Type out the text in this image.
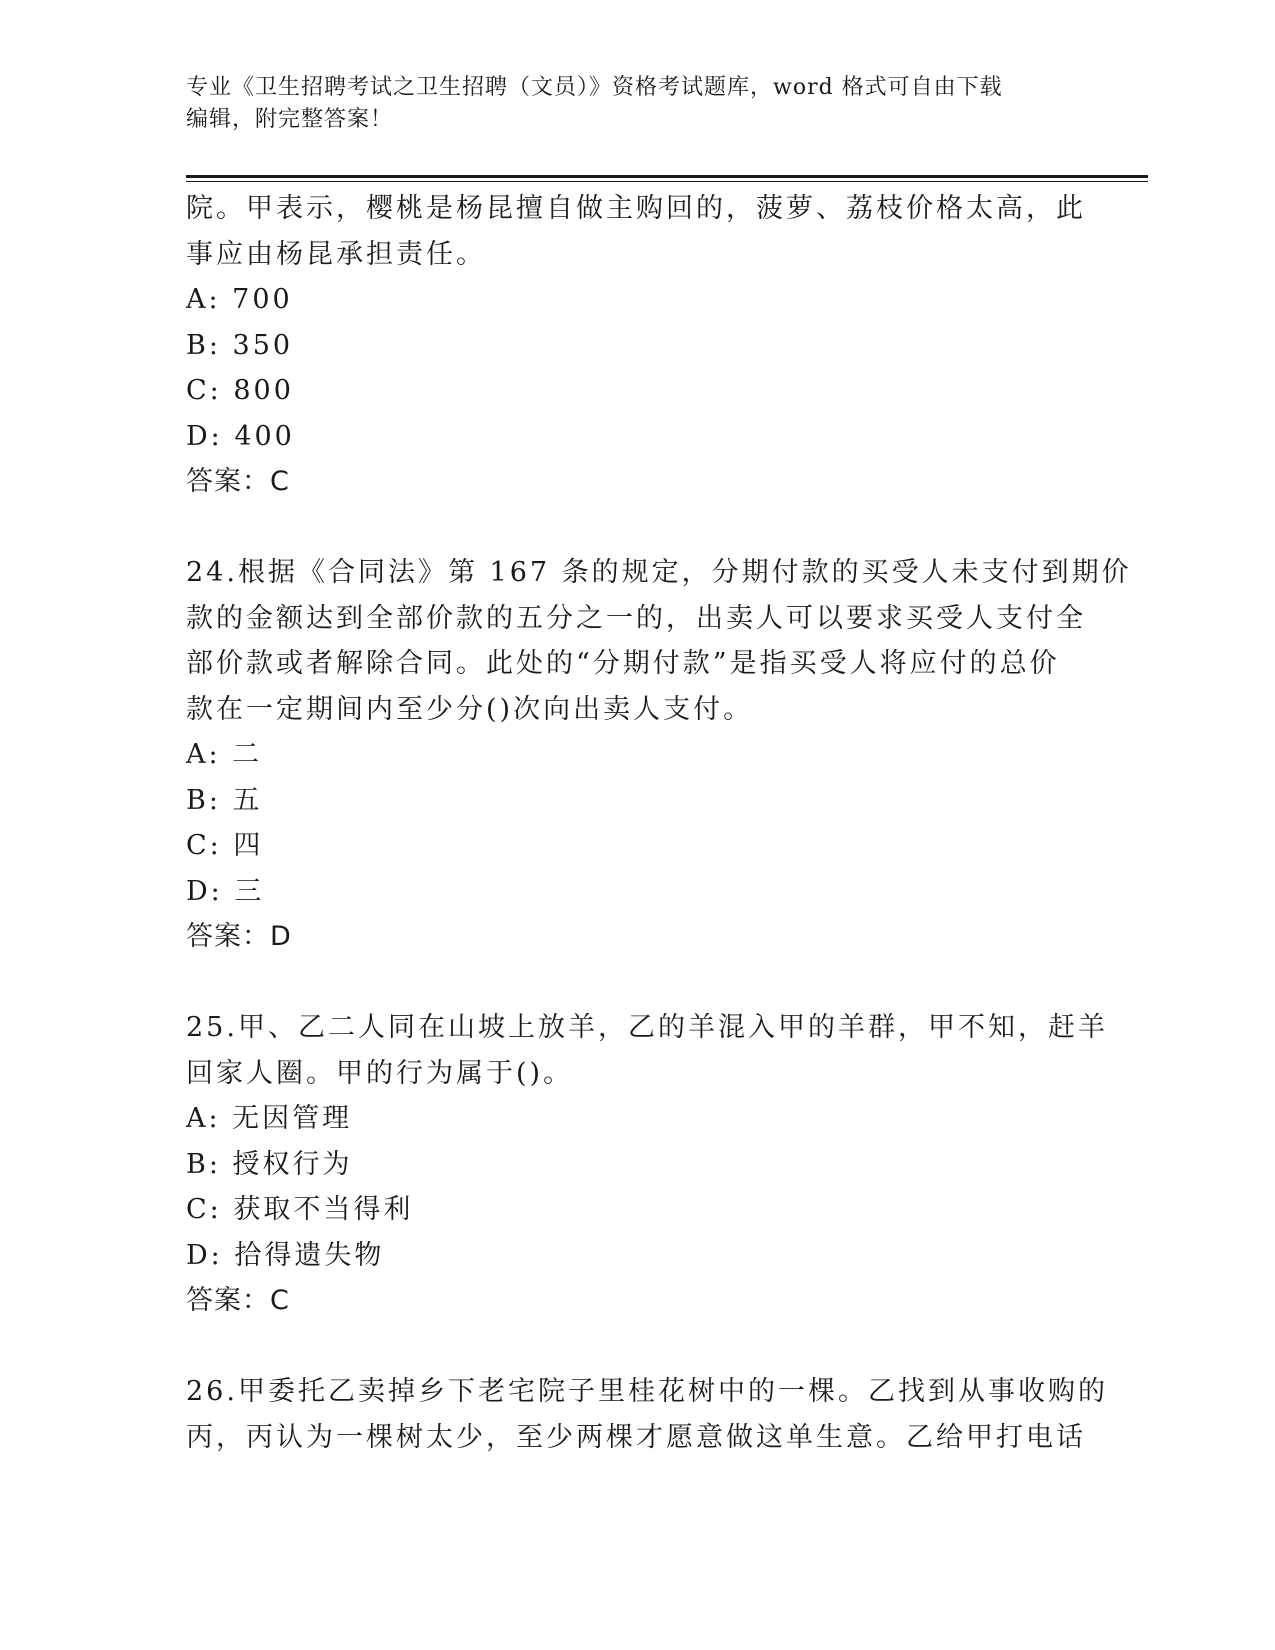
专业《卫生招聘考试之卫生招聘（文员）》资格考试题库，word 格式可自由下载
编辑，附完整答案！
院。甲表示，樱桃是杨昆擅自做主购回的，菠萝、荔枝价格太高，此
事应由杨昆承担责任。
A: 700
B: 350
C: 800
D: 400
答案：C
24.根据《合同法》第 167 条的规定，分期付款的买受人未支付到期价
款的金额达到全部价款的五分之一的，出卖人可以要求买受人支付全
部价款或者解除合同。此处的“分期付款”是指买受人将应付的总价
款在一定期间内至少分()次向出卖人支付。
A: 二
B: 五
C: 四
D: 三
答案：D
25.甲、乙二人同在山坡上放羊，乙的羊混入甲的羊群，甲不知，赶羊
回家人圈。甲的行为属于()。
A: 无因管理
B: 授权行为
C: 获取不当得利
D: 拾得遗失物
答案：C
26.甲委托乙卖掉乡下老宅院子里桂花树中的一棵。乙找到从事收购的
丙，丙认为一棵树太少，至少两棵才愿意做这单生意。乙给甲打电话
